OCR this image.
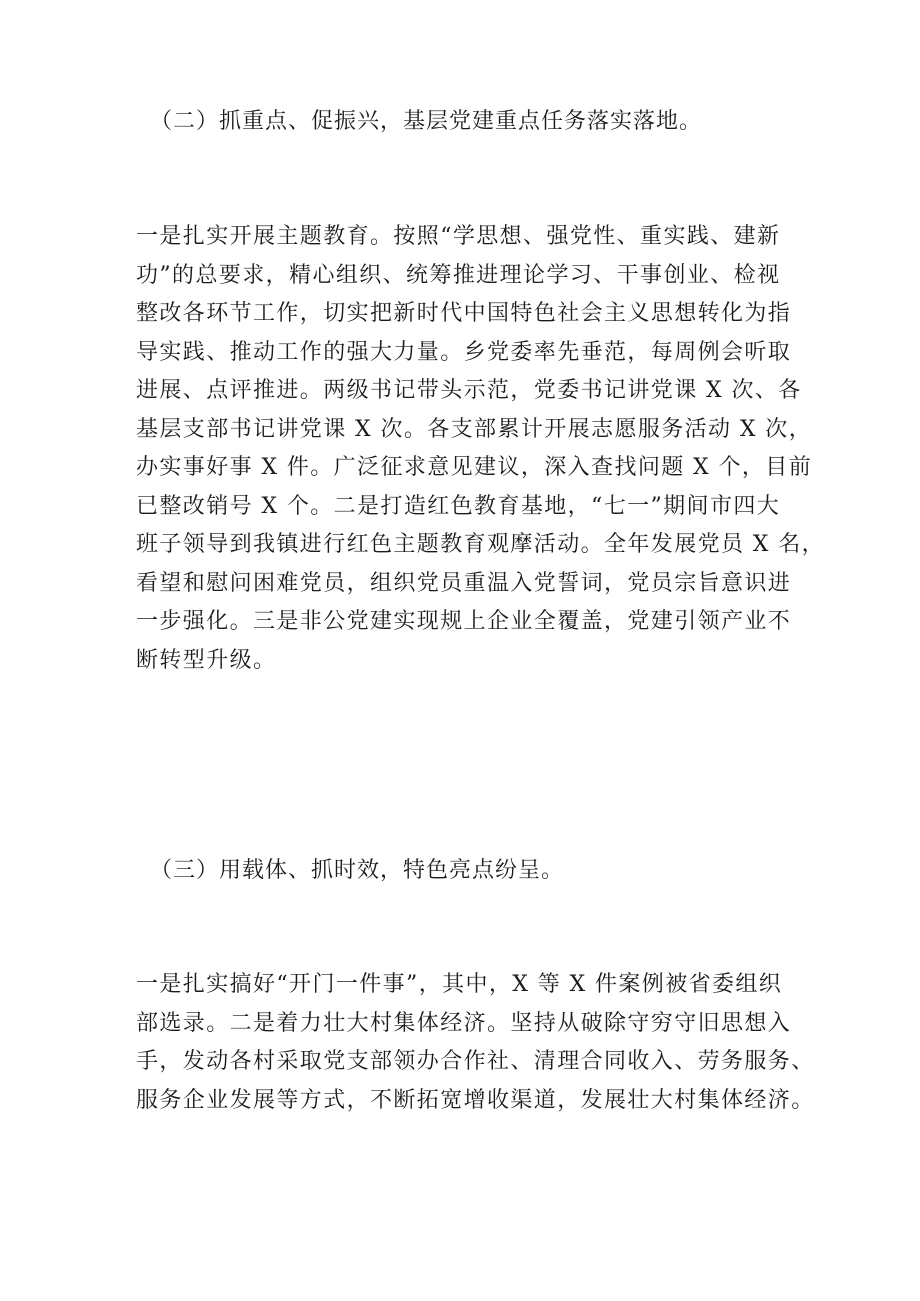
（二）抓重点、促振兴，基层党建重点任务落实落地。
一是扎实开展主题教育。按照“学思想、强党性、重实践、建新
功”的总要求，精心组织、统筹推进理论学习、干事创业、检视
整改各环节工作，切实把新时代中国特色社会主义思想转化为指
导实践、推动工作的强大力量。乡党委率先垂范，每周例会听取
进展、点评推进。两级书记带头示范，党委书记讲党课 X 次、各
基层支部书记讲党课 X 次。各支部累计开展志愿服务活动 X 次，
办实事好事 X 件。广泛征求意见建议，深入查找问题 X 个，目前
已整改销号 X 个。二是打造红色教育基地，“七一”期间市四大
班子领导到我镇进行红色主题教育观摩活动。全年发展党员 X 名，
看望和慰问困难党员，组织党员重温入党誓词，党员宗旨意识进
一步强化。三是非公党建实现规上企业全覆盖，党建引领产业不
断转型升级。
（三）用载体、抓时效，特色亮点纷呈。
一是扎实搞好“开门一件事”，其中，X 等 X 件案例被省委组织
部选录。二是着力壮大村集体经济。坚持从破除守穷守旧思想入
手，发动各村采取党支部领办合作社、清理合同收入、劳务服务、
服务企业发展等方式，不断拓宽增收渠道，发展壮大村集体经济。
